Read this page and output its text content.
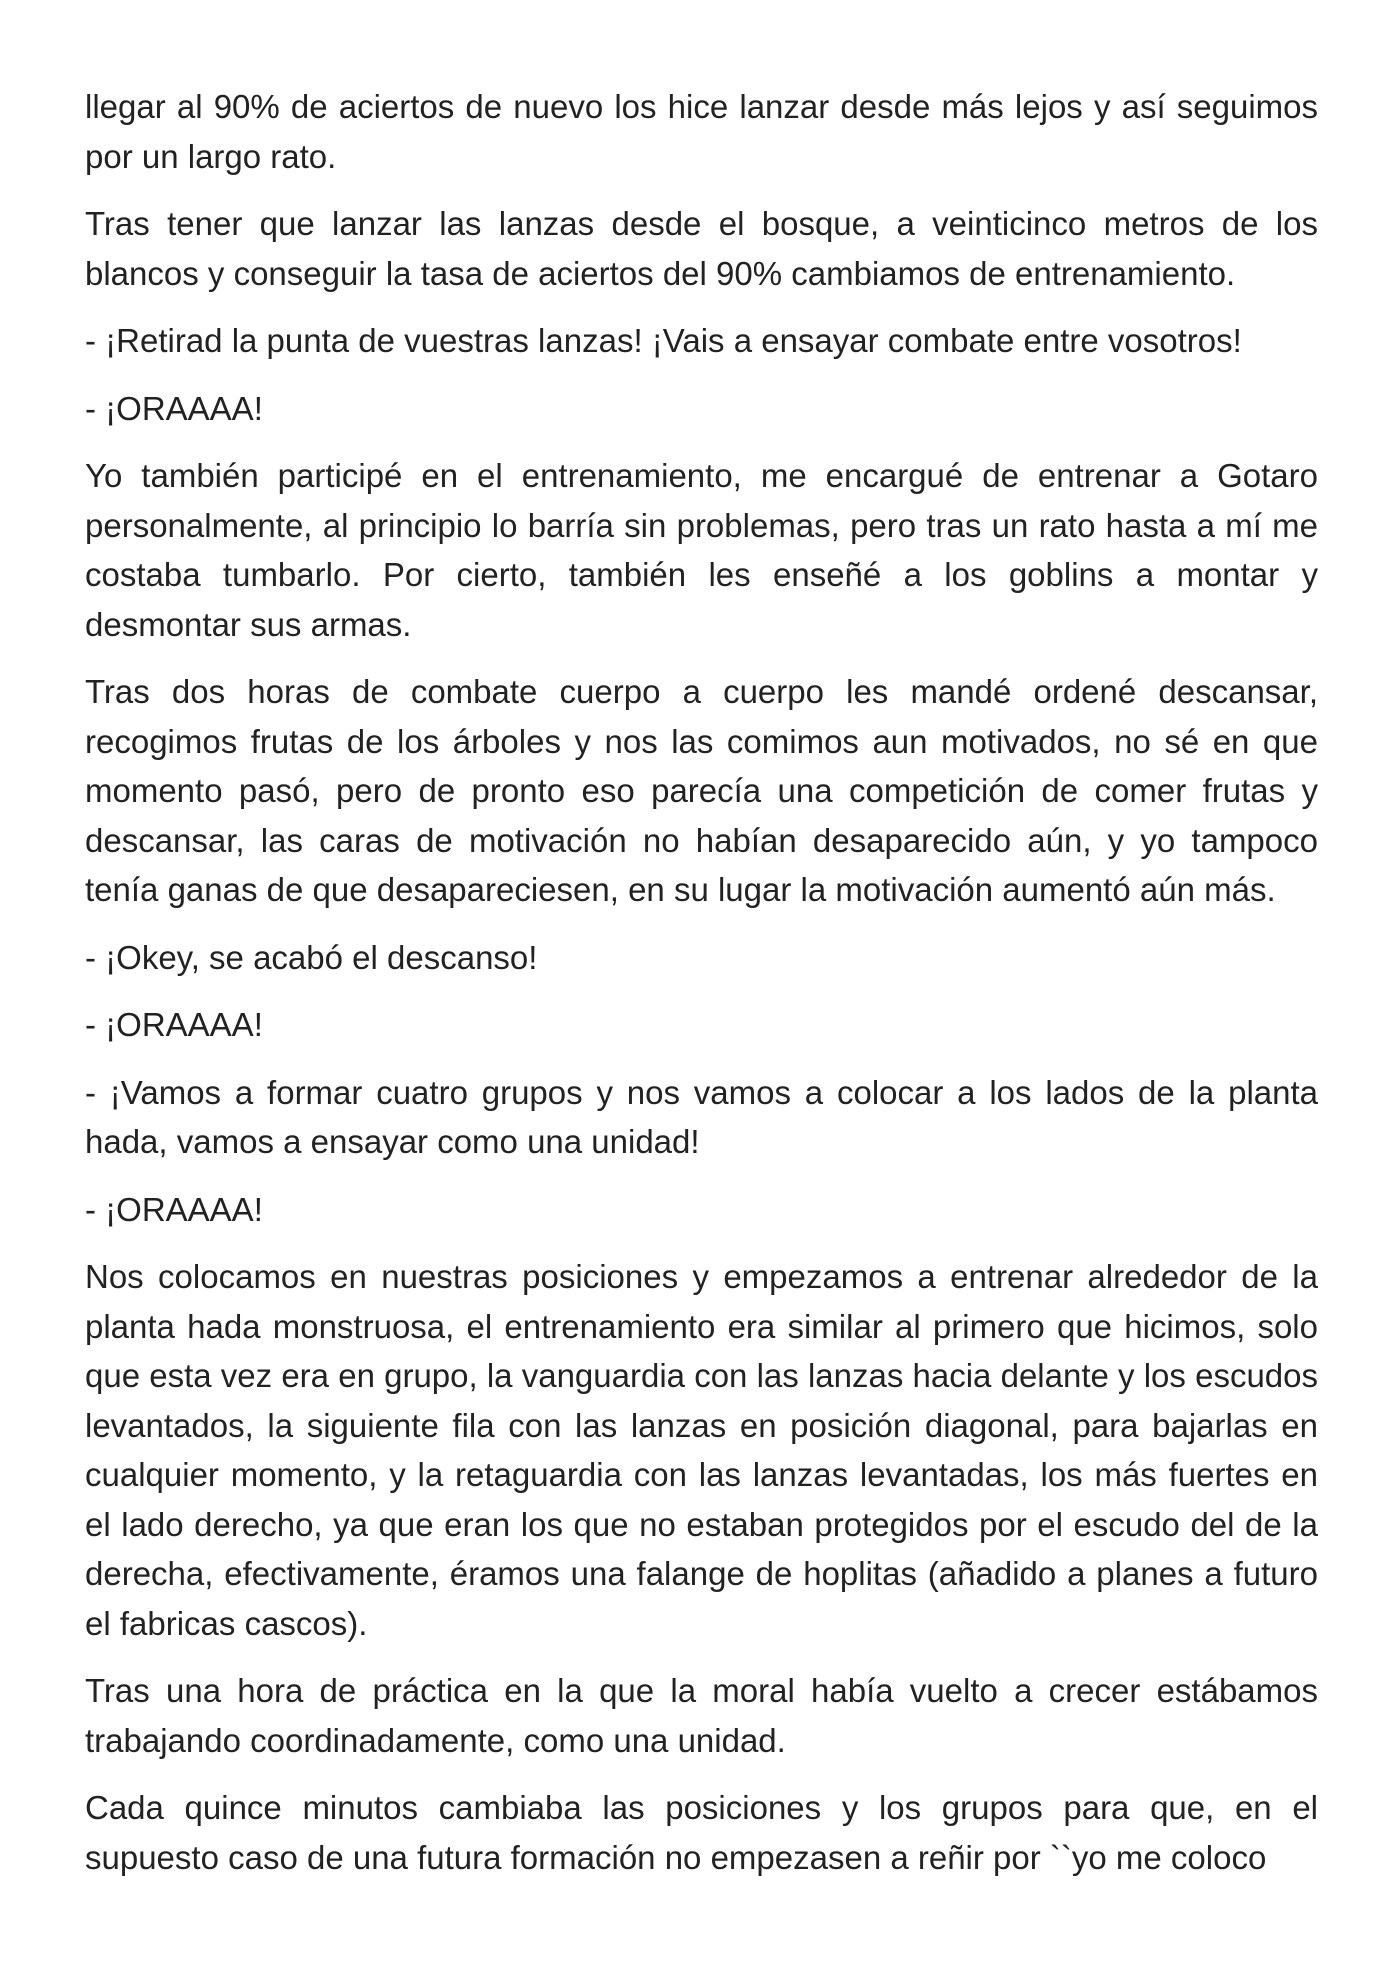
llegar al 90% de aciertos de nuevo los hice lanzar desde más lejos y así seguimos por un largo rato.

Tras tener que lanzar las lanzas desde el bosque, a veinticinco metros de los blancos y conseguir la tasa de aciertos del 90% cambiamos de entrenamiento.

- ¡Retirad la punta de vuestras lanzas! ¡Vais a ensayar combate entre vosotros!

- ¡ORAAAA!

Yo también participé en el entrenamiento, me encargué de entrenar a Gotaro personalmente, al principio lo barría sin problemas, pero tras un rato hasta a mí me costaba tumbarlo. Por cierto, también les enseñé a los goblins a montar y desmontar sus armas.

Tras dos horas de combate cuerpo a cuerpo les mandé ordené descansar, recogimos frutas de los árboles y nos las comimos aun motivados, no sé en que momento pasó, pero de pronto eso parecía una competición de comer frutas y descansar, las caras de motivación no habían desaparecido aún, y yo tampoco tenía ganas de que desapareciesen, en su lugar la motivación aumentó aún más.

- ¡Okey, se acabó el descanso!

- ¡ORAAAA!

- ¡Vamos a formar cuatro grupos y nos vamos a colocar a los lados de la planta hada, vamos a ensayar como una unidad!

- ¡ORAAAA!

Nos colocamos en nuestras posiciones y empezamos a entrenar alrededor de la planta hada monstruosa, el entrenamiento era similar al primero que hicimos, solo que esta vez era en grupo, la vanguardia con las lanzas hacia delante y los escudos levantados, la siguiente fila con las lanzas en posición diagonal, para bajarlas en cualquier momento, y la retaguardia con las lanzas levantadas, los más fuertes en el lado derecho, ya que eran los que no estaban protegidos por el escudo del de la derecha, efectivamente, éramos una falange de hoplitas (añadido a planes a futuro el fabricas cascos).

Tras una hora de práctica en la que la moral había vuelto a crecer estábamos trabajando coordinadamente, como una unidad.

Cada quince minutos cambiaba las posiciones y los grupos para que, en el supuesto caso de una futura formación no empezasen a reñir por ``yo me coloco
